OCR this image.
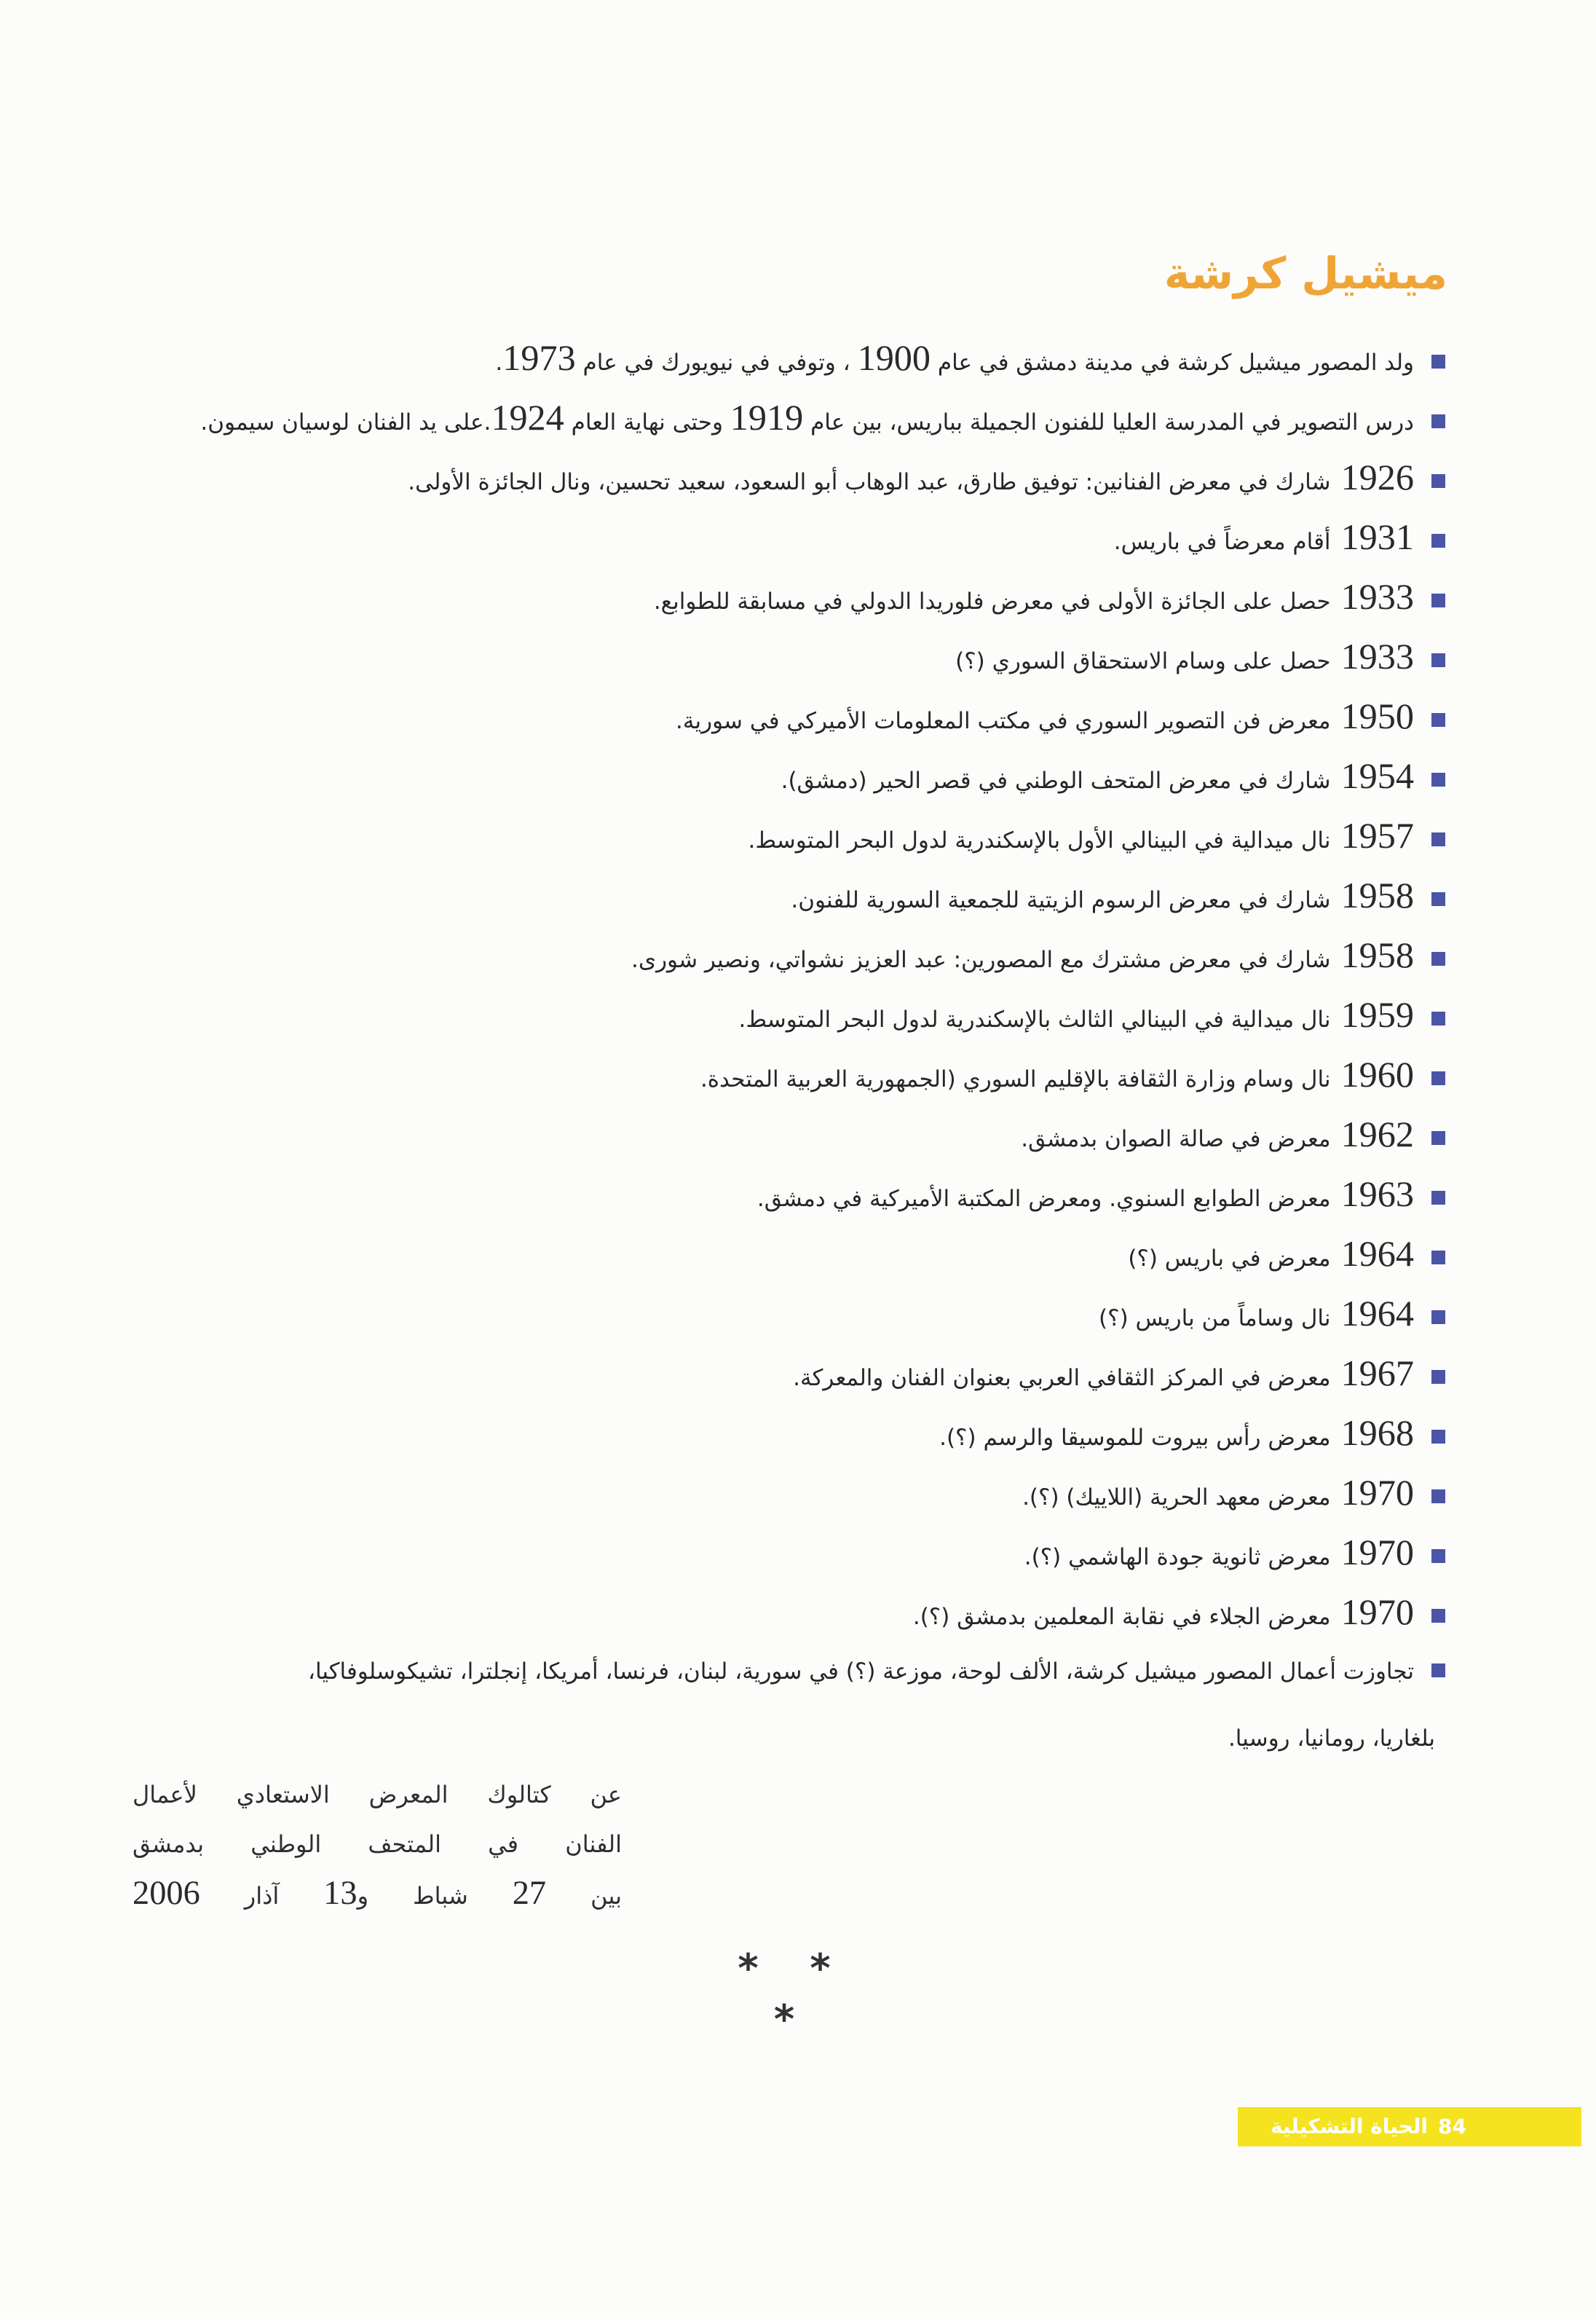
ميشيل كرشة
ولد المصور ميشيل كرشة في مدينة دمشق في عام 1900 ، وتوفي في نيويورك في عام 1973.
درس التصوير في المدرسة العليا للفنون الجميلة بباريس، بين عام 1919 وحتى نهاية العام 1924.على يد الفنان لوسيان سيمون.
1926شارك في معرض الفنانين: توفيق طارق، عبد الوهاب أبو السعود، سعيد تحسين، ونال الجائزة الأولى.
1931أقام معرضاً في باريس.
1933حصل على الجائزة الأولى في معرض فلوريدا الدولي في مسابقة للطوابع.
1933حصل على وسام الاستحقاق السوري (؟)
1950معرض فن التصوير السوري في مكتب المعلومات الأميركي في سورية.
1954شارك في معرض المتحف الوطني في قصر الحير (دمشق).
1957نال ميدالية في البينالي الأول بالإسكندرية لدول البحر المتوسط.
1958شارك في معرض الرسوم الزيتية للجمعية السورية للفنون.
1958شارك في معرض مشترك مع المصورين: عبد العزيز نشواتي، ونصير شورى.
1959نال ميدالية في البينالي الثالث بالإسكندرية لدول البحر المتوسط.
1960نال وسام وزارة الثقافة بالإقليم السوري (الجمهورية العربية المتحدة.
1962معرض في صالة الصوان بدمشق.
1963معرض الطوابع السنوي. ومعرض المكتبة الأميركية في دمشق.
1964معرض في باريس (؟)
1964نال وساماً من باريس (؟)
1967معرض في المركز الثقافي العربي بعنوان الفنان والمعركة.
1968معرض رأس بيروت للموسيقا والرسم (؟).
1970معرض معهد الحرية (اللاييك) (؟).
1970معرض ثانوية جودة الهاشمي (؟).
1970معرض الجلاء في نقابة المعلمين بدمشق (؟).
تجاوزت أعمال المصور ميشيل كرشة، الألف لوحة، موزعة (؟) في سورية، لبنان، فرنسا، أمريكا، إنجلترا، تشيكوسلوفاكيا،
بلغاريا، رومانيا، روسيا.
عن كتالوك المعرض الاستعادي لأعمال
الفنان في المتحف الوطني بدمشق
بين 27 شباط و13 آذار 2006
* * *
84الحياة التشكيلية
